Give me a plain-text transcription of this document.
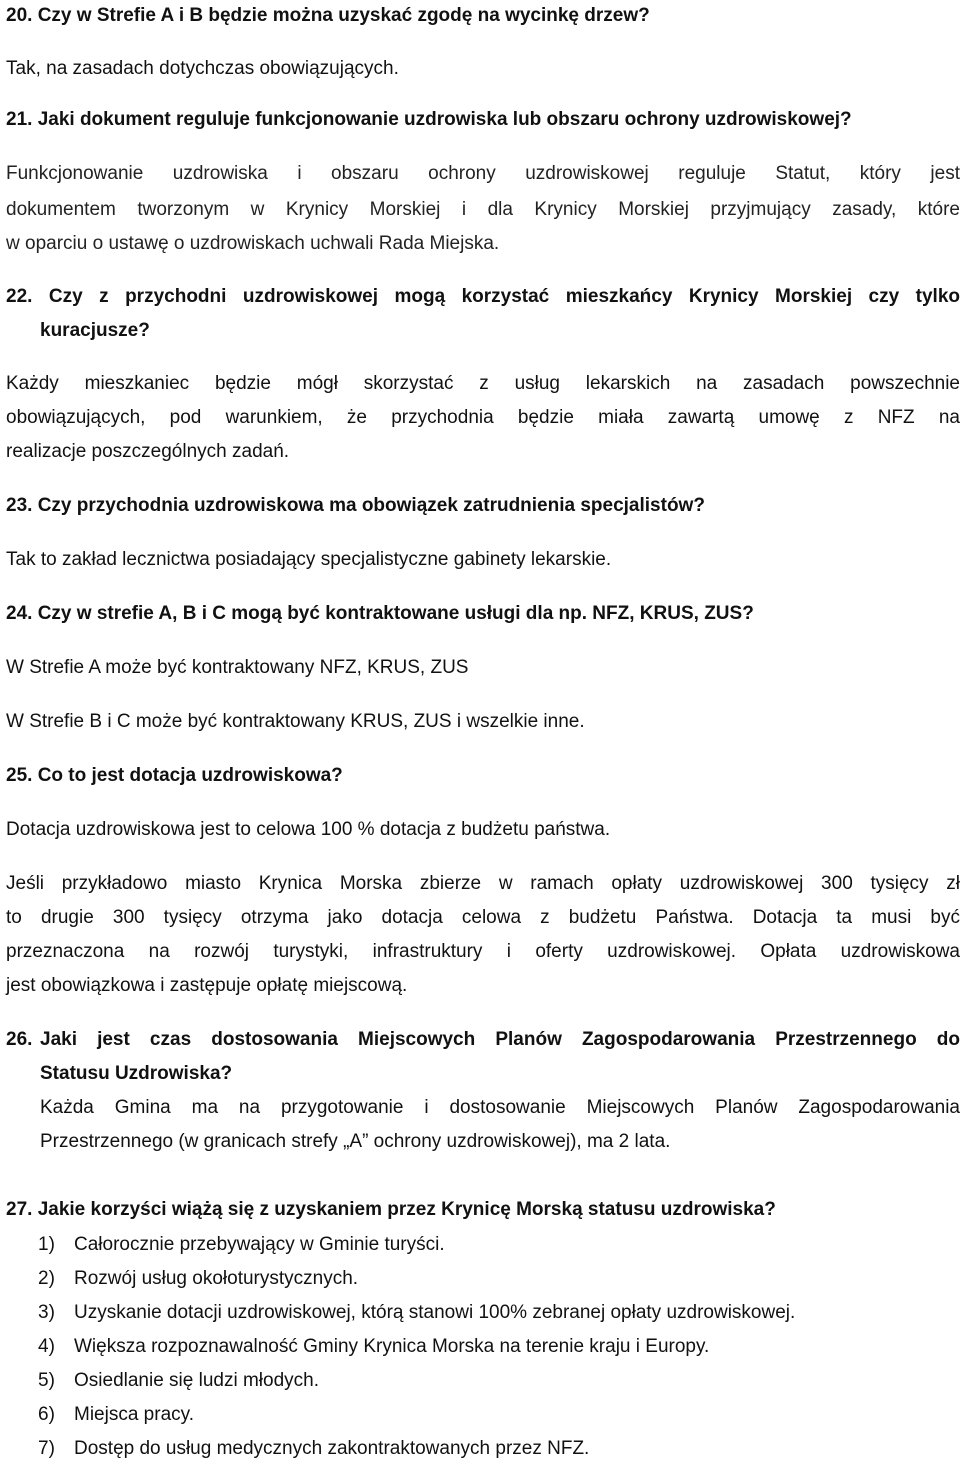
20. Czy w Strefie A i B będzie można uzyskać zgodę na wycinkę drzew?
Tak, na zasadach dotychczas obowiązujących.
21. Jaki dokument reguluje funkcjonowanie uzdrowiska lub obszaru ochrony uzdrowiskowej?
Funkcjonowanie uzdrowiska i obszaru ochrony uzdrowiskowej reguluje Statut, który jest
dokumentem tworzonym w Krynicy Morskiej i dla Krynicy Morskiej przyjmujący zasady, które
w oparciu o ustawę o uzdrowiskach uchwali Rada Miejska.
22. Czy z przychodni uzdrowiskowej mogą korzystać mieszkańcy Krynicy Morskiej czy tylko
kuracjusze?
Każdy mieszkaniec będzie mógł skorzystać z usług lekarskich na zasadach powszechnie
obowiązujących, pod warunkiem, że przychodnia będzie miała zawartą umowę z NFZ na
realizacje poszczególnych zadań.
23. Czy przychodnia uzdrowiskowa ma obowiązek zatrudnienia specjalistów?
Tak to zakład lecznictwa posiadający specjalistyczne gabinety lekarskie.
24. Czy w strefie A, B i C mogą być kontraktowane usługi dla np. NFZ, KRUS, ZUS?
W Strefie A może być kontraktowany NFZ, KRUS, ZUS
W Strefie B i C może być kontraktowany KRUS, ZUS i wszelkie inne.
25. Co to jest dotacja uzdrowiskowa?
Dotacja uzdrowiskowa jest to celowa 100 % dotacja z budżetu państwa.
Jeśli przykładowo miasto Krynica Morska zbierze w ramach opłaty uzdrowiskowej 300 tysięcy zł
to drugie 300 tysięcy otrzyma jako dotacja celowa z budżetu Państwa. Dotacja ta musi być
przeznaczona na rozwój turystyki, infrastruktury i oferty uzdrowiskowej. Opłata uzdrowiskowa
jest obowiązkowa i zastępuje opłatę miejscową.
26. Jaki jest czas dostosowania Miejscowych Planów Zagospodarowania Przestrzennego do
Statusu Uzdrowiska?
Każda Gmina ma na przygotowanie i dostosowanie Miejscowych Planów Zagospodarowania
Przestrzennego (w granicach strefy „A” ochrony uzdrowiskowej), ma 2 lata.
27. Jakie korzyści wiążą się z uzyskaniem przez Krynicę Morską statusu uzdrowiska?
1) Całorocznie przebywający w Gminie turyści.
2) Rozwój usług okołoturystycznych.
3) Uzyskanie dotacji uzdrowiskowej, którą stanowi 100% zebranej opłaty uzdrowiskowej.
4) Większa rozpoznawalność Gminy Krynica Morska na terenie kraju i Europy.
5) Osiedlanie się ludzi młodych.
6) Miejsca pracy.
7) Dostęp do usług medycznych zakontraktowanych przez NFZ.
